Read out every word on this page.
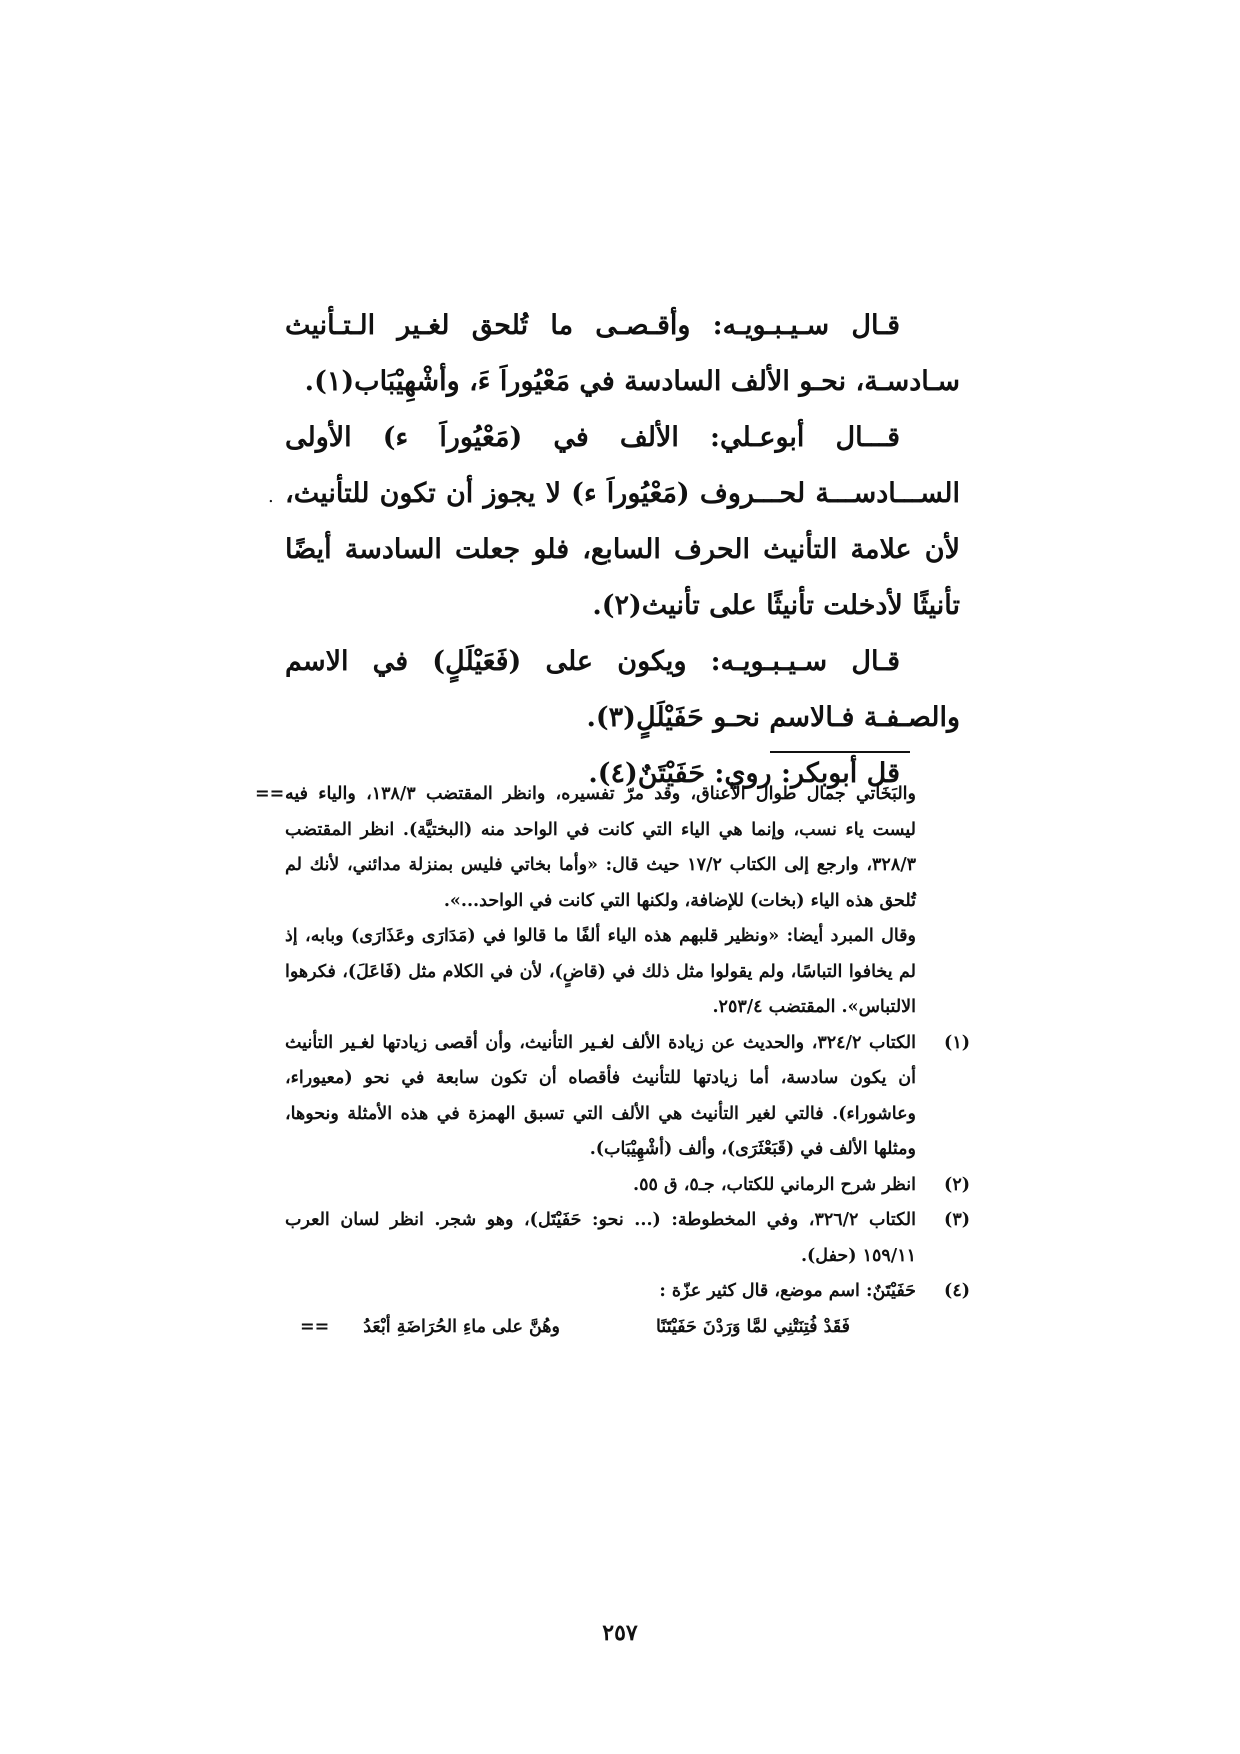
قـال سـيـبـويـه: وأقـصـى ما تُلحق لغـير الـتـأنيث سـادسـة، نحـو الألف السادسة في مَعْيُوراَ ءَ، وأشْهِيْبَاب(١).

قـــال أبوعـلي: الألف في (مَعْيُوراَ ء) الأولى الســـادســـة لحـــروف (مَعْيُوراَ ء) لا يجوز أن تكون للتأنيث، لأن علامة التأنيث الحرف السابع، فلو جعلت السادسة أيضًا تأنيثًا لأدخلت تأنيثًا على تأنيث(٢).

قـال سـيـبـويـه: ويكون على (فَعَيْلَلٍ) في الاسم والصـفـة فـالاسم نحـو حَفَيْلَلٍ(٣).

قل أبوبكر: روي: حَفَيْتَنٌ(٤).

.
== والبَخَاتي جمال طوال الأعناق، وقد مرّ تفسيره، وانظر المقتضب ١٣٨/٣، والياء فيه ليست ياء نسب، وإنما هي الياء التي كانت في الواحد منه (البختيَّة). انظر المقتضب ٣٢٨/٣، وارجع إلى الكتاب ١٧/٢ حيث قال: «وأما بخاتي فليس بمنزلة مدائني، لأنك لم تُلحق هذه الياء (بخات) للإضافة، ولكنها التي كانت في الواحد...».

وقال المبرد أيضا: «ونظير قلبهم هذه الياء ألفًا ما قالوا في (مَدَارَى وعَذَارَى) وبابه، إذ لم يخافوا التباسًا، ولم يقولوا مثل ذلك في (قاضٍ)، لأن في الكلام مثل (فَاعَلَ)، فكرهوا الالتباس». المقتضب ٢٥٣/٤.

(١)
الكتاب ٣٢٤/٢، والحديث عن زيادة الألف لغـير التأنيث، وأن أقصى زيادتها لغـير التأنيث أن يكون سادسة، أما زيادتها للتأنيث فأقصاه أن تكون سابعة في نحو (معيوراء، وعاشوراء). فالتي لغير التأنيث هي الألف التي تسبق الهمزة في هذه الأمثلة ونحوها، ومثلها الألف في (قَبَعْثَرَى)، وألف (أشْهِيْبَاب).

(٢)
انظر شرح الرماني للكتاب، جـ٥، ق ٥٥.

(٣)
الكتاب ٣٢٦/٢، وفي المخطوطة: (... نحو: حَفَيْتَل)، وهو شجر. انظر لسان العرب ١٥٩/١١ (حفل).

(٤)
حَفَيْتَنٌ: اسم موضع، قال كثير عزّة :

فَقَدْ فُتِنَتْنِي لمَّا وَرَدْنَ حَفَيْتَنًا
وهُنَّ على ماءِ الحُرَاضَةِ أبْعَدُ
==
٢٥٧
